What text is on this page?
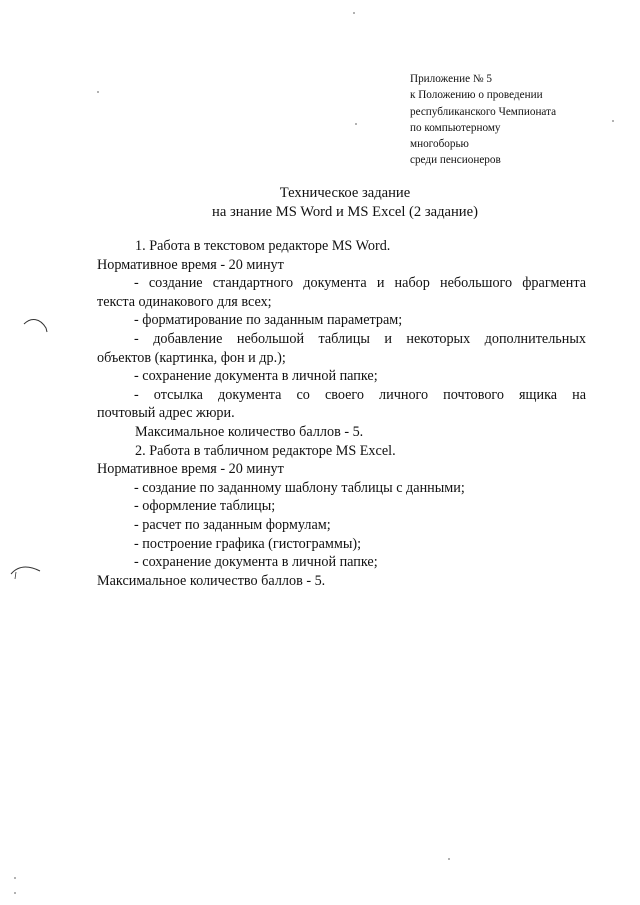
Приложение № 5
к Положению о проведении
республиканского Чемпионата
по компьютерному
многоборью
среди пенсионеров
Техническое задание
на знание MS Word и MS Excel (2 задание)
1. Работа в текстовом редакторе MS Word.
Нормативное время - 20 минут
- создание стандартного документа и набор небольшого фрагмента
текста одинакового для всех;
- форматирование по заданным параметрам;
- добавление небольшой таблицы и некоторых дополнительных
объектов (картинка, фон и др.);
- сохранение документа в личной папке;
- отсылка документа со своего личного почтового ящика на
почтовый адрес жюри.
Максимальное количество баллов - 5.
2. Работа в табличном редакторе MS Excel.
Нормативное время - 20 минут
- создание по заданному шаблону таблицы с данными;
- оформление таблицы;
- расчет по заданным формулам;
- построение графика (гистограммы);
- сохранение документа в личной папке;
Максимальное количество баллов - 5.
